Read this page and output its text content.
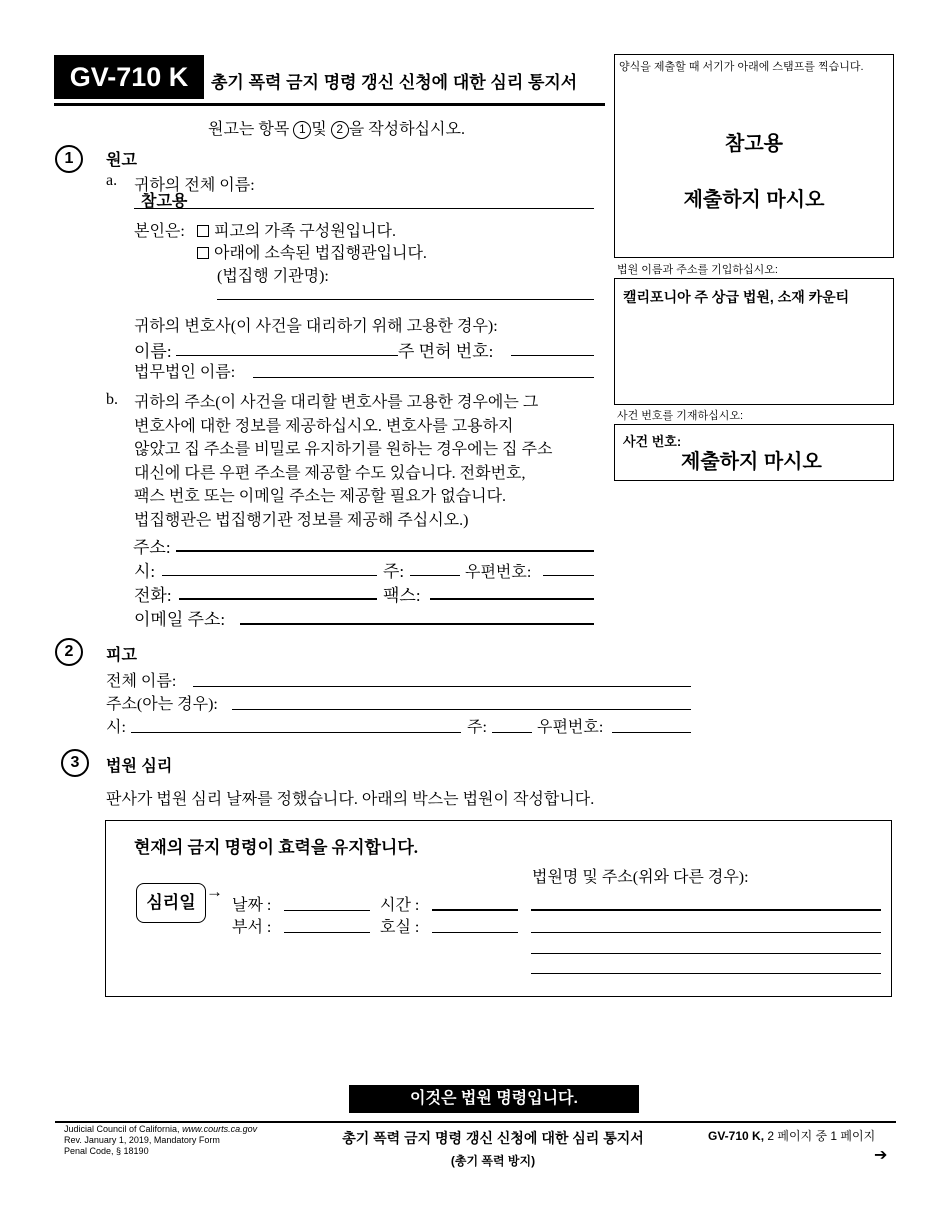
GV-710 K	총기 폭력 금지 명령 갱신 신청에 대한 심리 통지서
원고는 항목 1 및 2 을 작성하십시오.
양식을 제출할 때 서기가 아래에 스탬프를 찍습니다.
참고용
제출하지 마시오
법원 이름과 주소를 기입하십시오:
캘리포니아 주 상급 법원, 소재 카운티
사건 번호를 기재하십시오:
사건 번호:
제출하지 마시오
1	원고
a. 귀하의 전체 이름:
참고용
본인은:	피고의 가족 구성원입니다.
아래에 소속된 법집행관입니다.
(법집행 기관명):
귀하의 변호사(이 사건을 대리하기 위해 고용한 경우):
이름:	주 면허 번호:
법무법인 이름:
b. 귀하의 주소(이 사건을 대리할 변호사를 고용한 경우에는 그
변호사에 대한 정보를 제공하십시오. 변호사를 고용하지
않았고 집 주소를 비밀로 유지하기를 원하는 경우에는 집 주소
대신에 다른 우편 주소를 제공할 수도 있습니다. 전화번호,
팩스 번호 또는 이메일 주소는 제공할 필요가 없습니다.
법집행관은 법집행기관 정보를 제공해 주십시오.)
주소:
시:	주:	우편번호:
전화:	팩스:
이메일 주소:
2	피고
전체 이름:
주소(아는 경우):
시:	주:	우편번호:
3	법원 심리
판사가 법원 심리 날짜를 정했습니다. 아래의 박스는 법원이 작성합니다.
현재의 금지 명령이 효력을 유지합니다.
심리일
→
날짜 :	시간 :
부서 :	호실 :
법원명 및 주소(위와 다른 경우):
이것은 법원 명령입니다.
Judicial Council of California, www.courts.ca.gov
Rev. January 1, 2019, Mandatory Form
Penal Code, § 18190
총기 폭력 금지 명령 갱신 신청에 대한 심리 통지서
(총기 폭력 방지)
GV-710 K, 2 페이지 중 1 페이지
➔
